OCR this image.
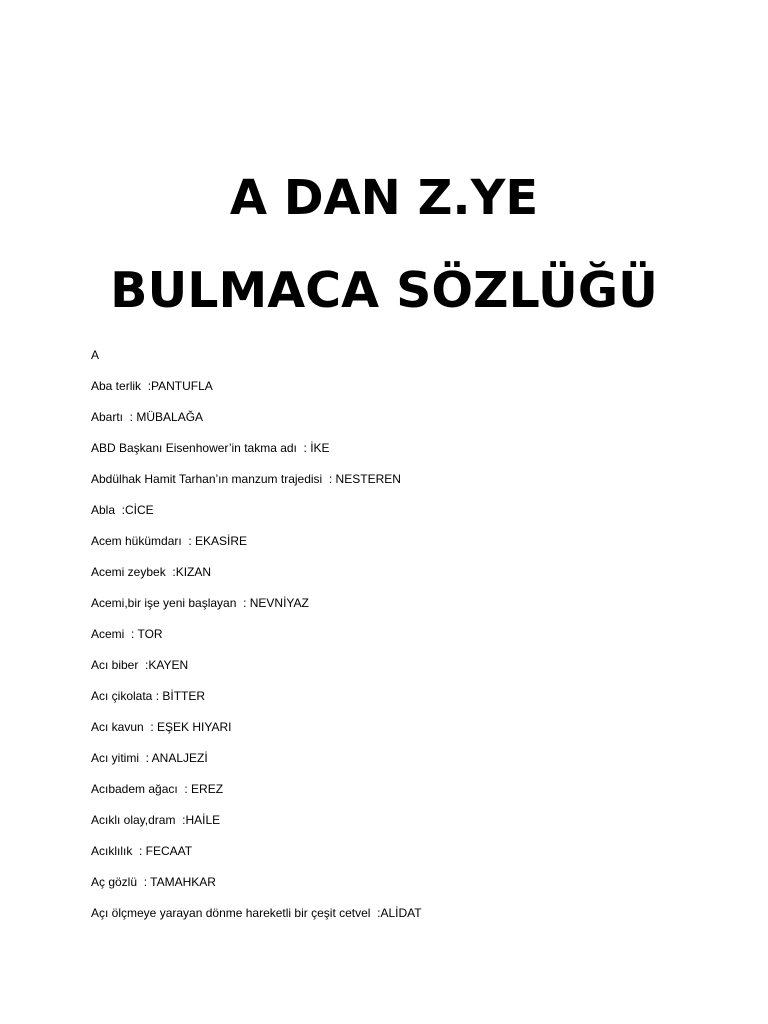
A DAN Z.YE
BULMACA SÖZLÜĞÜ
A
Aba terlik  :PANTUFLA
Abartı  : MÜBALAĞA
ABD Başkanı Eisenhower’in takma adı  : İKE
Abdülhak Hamit Tarhan’ın manzum trajedisi  : NESTEREN
Abla  :CİCE
Acem hükümdarı  : EKASİRE
Acemi zeybek  :KIZAN
Acemi,bir işe yeni başlayan  : NEVNİYAZ
Acemi  : TOR
Acı biber  :KAYEN
Acı çikolata : BİTTER
Acı kavun  : EŞEK HIYARI
Acı yitimi  : ANALJEZİ
Acıbadem ağacı  : EREZ
Acıklı olay,dram  :HAİLE
Acıklılık  : FECAAT
Aç gözlü  : TAMAHKAR
Açı ölçmeye yarayan dönme hareketli bir çeşit cetvel  :ALİDAT
